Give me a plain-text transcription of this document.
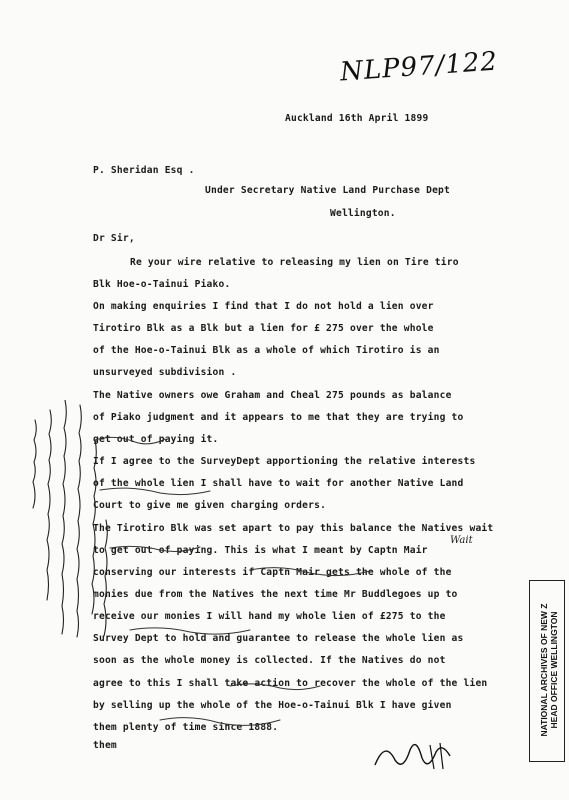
NLP97/122
Auckland 16th April 1899
P. Sheridan Esq .
Under Secretary Native Land Purchase Dept
Wellington.
Dr Sir,
Re your wire relative to releasing my lien on Tire tiro
Blk Hoe-o-Tainui Piako.
On making enquiries I find that I do not hold a lien over
Tirotiro Blk as a Blk but a lien for £ 275 over the whole
of the Hoe-o-Tainui Blk as a whole of which Tirotiro is an
unsurveyed subdivision .
The Native owners owe Graham and Cheal 275 pounds as balance
of Piako judgment and it appears to me that they are trying to
get out of paying it.
If I agree to the SurveyDept apportioning the relative interests
of the whole lien I shall have to wait for another Native Land
Court to give me given charging orders.
The Tirotiro Blk was set apart to pay this balance the Natives wait
to get out of paying. This is what I meant by Captn Mair
conserving our interests if Captn Mair gets the whole of the
monies due from the Natives the next time Mr Buddlegoes up to
receive our monies I will hand my whole lien of £275 to the
Survey Dept to hold and guarantee to release the whole lien as
soon as the whole money is collected. If the Natives do not
agree to this I shall take action to recover the whole of the lien
by selling up the whole of the Hoe-o-Tainui Blk I have given
them plenty of time since 1888.
them
Wait
NATIONAL ARCHIVES OF NEW Z HEAD OFFICE WELLINGTON
